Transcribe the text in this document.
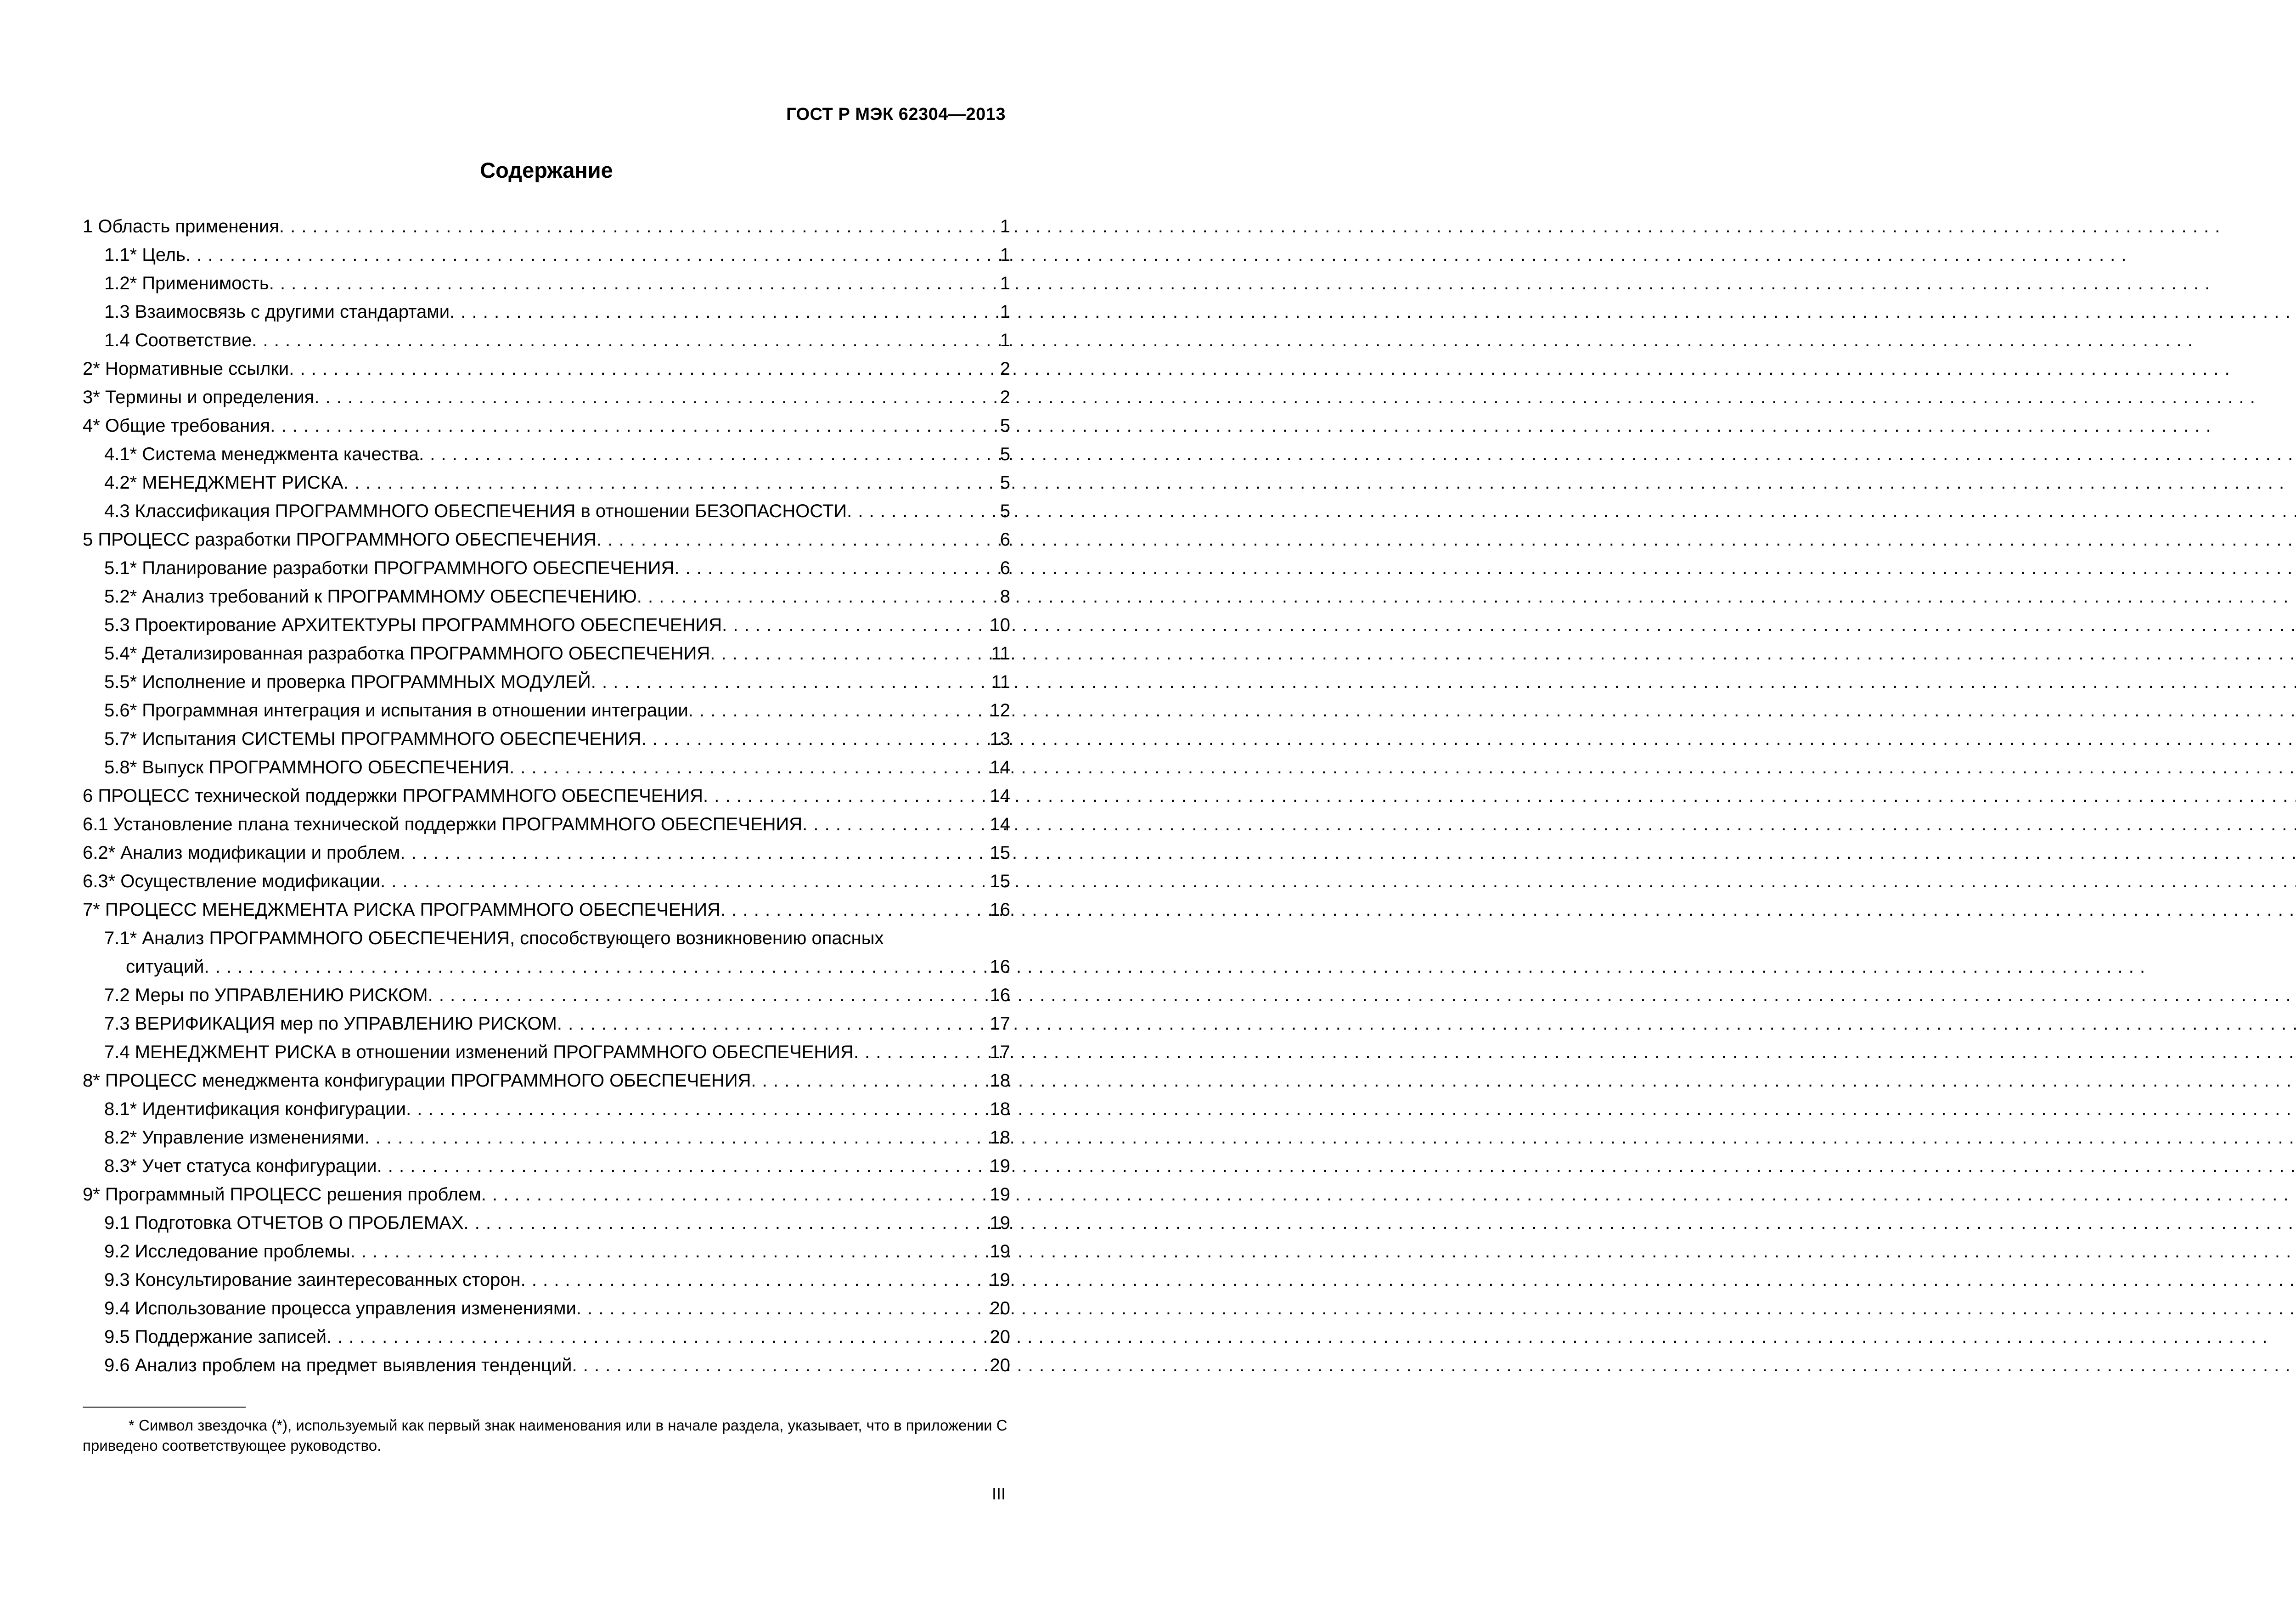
ГОСТ Р МЭК 62304—2013
Содержание
1 Область применения . . .	1
1.1* Цель . . .	1
1.2* Применимость . . .	1
1.3 Взаимосвязь с другими стандартами . . .	1
1.4 Соответствие . . .	1
2* Нормативные ссылки . . .	2
3* Термины и определения . . .	2
4* Общие требования . . .	5
4.1* Система менеджмента качества . . .	5
4.2* МЕНЕДЖМЕНТ РИСКА . . .	5
4.3 Классификация ПРОГРАММНОГО ОБЕСПЕЧЕНИЯ в отношении БЕЗОПАСНОСТИ . . .	5
5 ПРОЦЕСС разработки ПРОГРАММНОГО ОБЕСПЕЧЕНИЯ . . .	6
5.1* Планирование разработки ПРОГРАММНОГО ОБЕСПЕЧЕНИЯ . . .	6
5.2* Анализ требований к ПРОГРАММНОМУ ОБЕСПЕЧЕНИЮ . . .	8
5.3 Проектирование АРХИТЕКТУРЫ ПРОГРАММНОГО ОБЕСПЕЧЕНИЯ . . .	10
5.4* Детализированная разработка ПРОГРАММНОГО ОБЕСПЕЧЕНИЯ . . .	11
5.5* Исполнение и проверка ПРОГРАММНЫХ МОДУЛЕЙ . . .	11
5.6* Программная интеграция и испытания в отношении интеграции . . .	12
5.7* Испытания СИСТЕМЫ ПРОГРАММНОГО ОБЕСПЕЧЕНИЯ . . .	13
5.8* Выпуск ПРОГРАММНОГО ОБЕСПЕЧЕНИЯ . . .	14
6 ПРОЦЕСС технической поддержки ПРОГРАММНОГО ОБЕСПЕЧЕНИЯ . . .	14
6.1 Установление плана технической поддержки ПРОГРАММНОГО ОБЕСПЕЧЕНИЯ . . .	14
6.2* Анализ модификации и проблем . . .	15
6.3* Осуществление модификации . . .	15
7* ПРОЦЕСС МЕНЕДЖМЕНТА РИСКА ПРОГРАММНОГО ОБЕСПЕЧЕНИЯ . . .	16
7.1* Анализ ПРОГРАММНОГО ОБЕСПЕЧЕНИЯ, способствующего возникновению опасных
ситуаций . . .	16
7.2 Меры по УПРАВЛЕНИЮ РИСКОМ . . .	16
7.3 ВЕРИФИКАЦИЯ мер по УПРАВЛЕНИЮ РИСКОМ . . .	17
7.4 МЕНЕДЖМЕНТ РИСКА в отношении изменений ПРОГРАММНОГО ОБЕСПЕЧЕНИЯ . . .	17
8* ПРОЦЕСС менеджмента конфигурации ПРОГРАММНОГО ОБЕСПЕЧЕНИЯ . . .	18
8.1* Идентификация конфигурации . . .	18
8.2* Управление изменениями . . .	18
8.3* Учет статуса конфигурации . . .	19
9* Программный ПРОЦЕСС решения проблем . . .	19
9.1 Подготовка ОТЧЕТОВ О ПРОБЛЕМАХ . . .	19
9.2 Исследование проблемы . . .	19
9.3 Консультирование заинтересованных сторон . . .	19
9.4 Использование процесса управления изменениями . . .	20
9.5 Поддержание записей . . .	20
9.6 Анализ проблем на предмет выявления тенденций . . .	20
* Символ звездочка (*), используемый как первый знак наименования или в начале раздела, указывает, что в приложении С приведено соответствующее руководство.
III
